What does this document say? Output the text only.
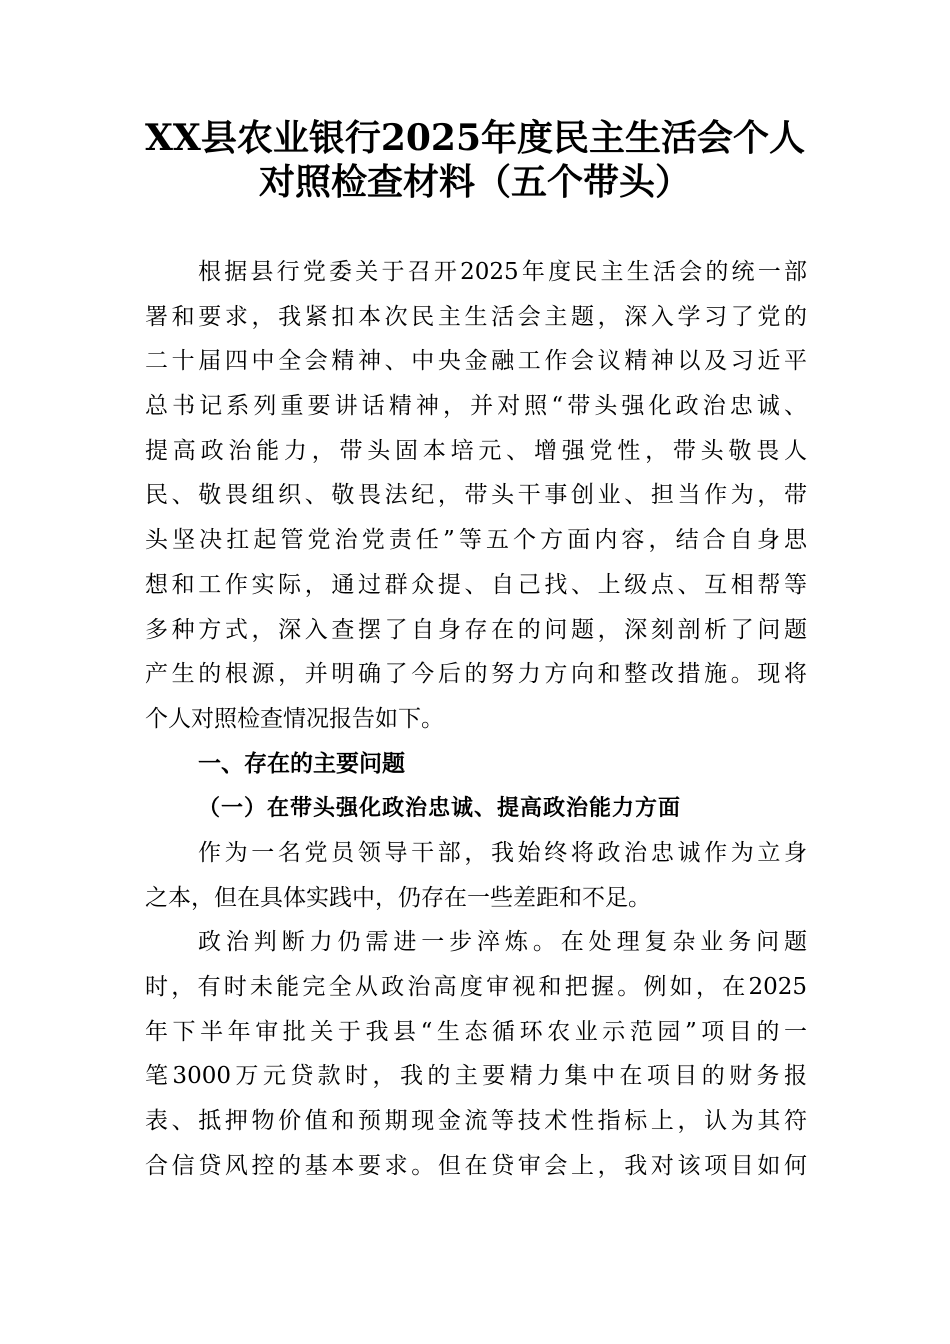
XX县农业银行2025年度民主生活会个人
对照检查材料（五个带头）
根据县行党委关于召开2025年度民主生活会的统一部
署和要求，我紧扣本次民主生活会主题，深入学习了党的
二十届四中全会精神、中央金融工作会议精神以及习近平
总书记系列重要讲话精神，并对照“带头强化政治忠诚、
提高政治能力，带头固本培元、增强党性，带头敬畏人
民、敬畏组织、敬畏法纪，带头干事创业、担当作为，带
头坚决扛起管党治党责任”等五个方面内容，结合自身思
想和工作实际，通过群众提、自己找、上级点、互相帮等
多种方式，深入查摆了自身存在的问题，深刻剖析了问题
产生的根源，并明确了今后的努力方向和整改措施。现将
个人对照检查情况报告如下。
一、存在的主要问题
（一）在带头强化政治忠诚、提高政治能力方面
作为一名党员领导干部，我始终将政治忠诚作为立身
之本，但在具体实践中，仍存在一些差距和不足。
政治判断力仍需进一步淬炼。在处理复杂业务问题
时，有时未能完全从政治高度审视和把握。例如，在2025
年下半年审批关于我县“生态循环农业示范园”项目的一
笔3000万元贷款时，我的主要精力集中在项目的财务报
表、抵押物价值和预期现金流等技术性指标上，认为其符
合信贷风控的基本要求。但在贷审会上，我对该项目如何
